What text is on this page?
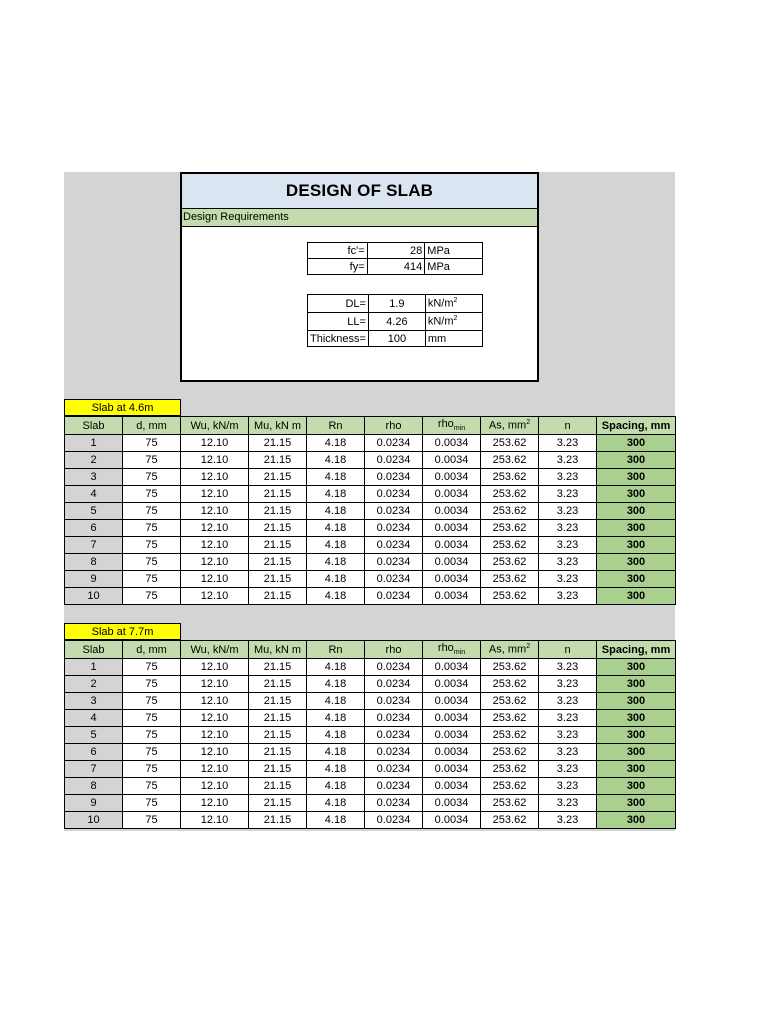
DESIGN OF SLAB
Design Requirements
fc'=	28	MPa
fy=	414	MPa
DL=	1.9	$kN/m^2$
LL=	4.26	$kN/m^2$
Thickness=	100	mm
Slab at 4.6m
Slab	d, mm	Wu, kN/m	Mu, kN m	Rn	rho	rho$_{min}$	As, $mm^2$	n	Spacing, mm
1	75	12.10	21.15	4.18	0.0234	0.0034	253.62	3.23	300
2	75	12.10	21.15	4.18	0.0234	0.0034	253.62	3.23	300
3	75	12.10	21.15	4.18	0.0234	0.0034	253.62	3.23	300
4	75	12.10	21.15	4.18	0.0234	0.0034	253.62	3.23	300
5	75	12.10	21.15	4.18	0.0234	0.0034	253.62	3.23	300
6	75	12.10	21.15	4.18	0.0234	0.0034	253.62	3.23	300
7	75	12.10	21.15	4.18	0.0234	0.0034	253.62	3.23	300
8	75	12.10	21.15	4.18	0.0234	0.0034	253.62	3.23	300
9	75	12.10	21.15	4.18	0.0234	0.0034	253.62	3.23	300
10	75	12.10	21.15	4.18	0.0234	0.0034	253.62	3.23	300
Slab at 7.7m
Slab	d, mm	Wu, kN/m	Mu, kN m	Rn	rho	rho$_{min}$	As, $mm^2$	n	Spacing, mm
1	75	12.10	21.15	4.18	0.0234	0.0034	253.62	3.23	300
2	75	12.10	21.15	4.18	0.0234	0.0034	253.62	3.23	300
3	75	12.10	21.15	4.18	0.0234	0.0034	253.62	3.23	300
4	75	12.10	21.15	4.18	0.0234	0.0034	253.62	3.23	300
5	75	12.10	21.15	4.18	0.0234	0.0034	253.62	3.23	300
6	75	12.10	21.15	4.18	0.0234	0.0034	253.62	3.23	300
7	75	12.10	21.15	4.18	0.0234	0.0034	253.62	3.23	300
8	75	12.10	21.15	4.18	0.0234	0.0034	253.62	3.23	300
9	75	12.10	21.15	4.18	0.0234	0.0034	253.62	3.23	300
10	75	12.10	21.15	4.18	0.0234	0.0034	253.62	3.23	300
